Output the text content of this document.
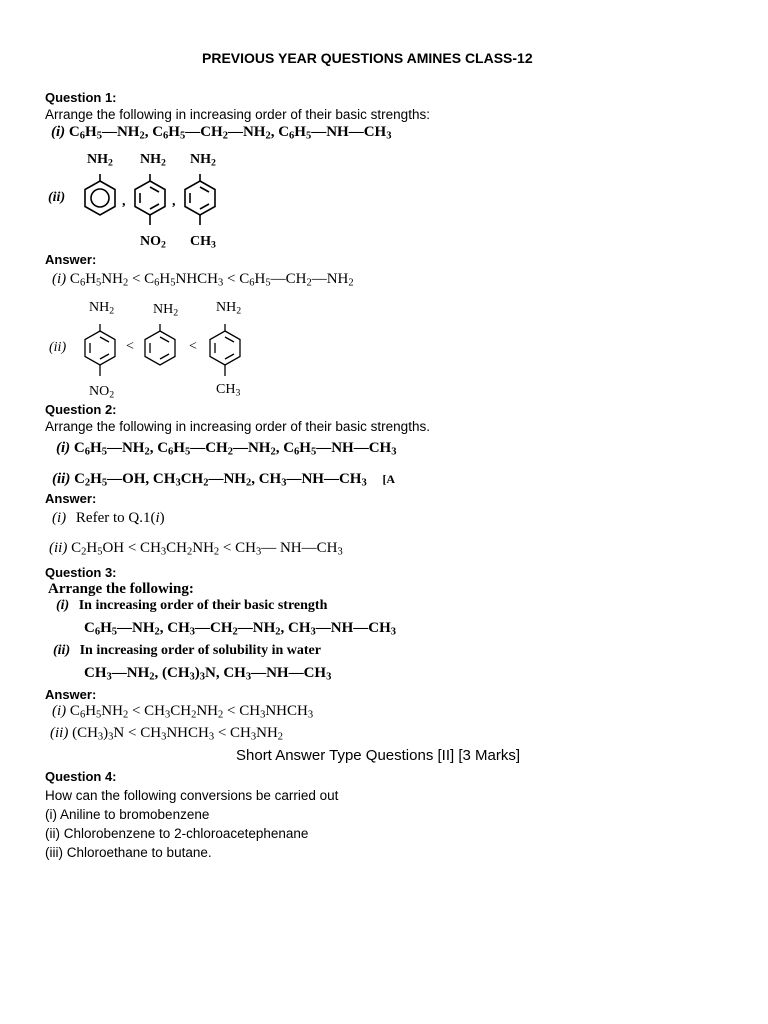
PREVIOUS YEAR QUESTIONS AMINES CLASS-12
Question 1:
Arrange the following in increasing order of their basic strengths:
(i) $C_6H_5—NH_2$, $C_6H_5—CH_2—NH_2$, $C_6H_5—NH—CH_3$
(ii)	,	,
$NH_2$ $NH_2$ $NH_2$
$NO_2$ $CH_3$
Answer:
(i) $C_6H_5NH_2$ < $C_6H_5NHCH_3$ < $C_6H_5—CH_2—NH_2$
(ii)	<	<
$NH_2$	$NH_2$	$NH_2$
$NO_2$	$CH_3$
Question 2:
Arrange the following in increasing order of their basic strengths.
(i) $C_6H_5—NH_2$, $C_6H_5—CH_2—NH_2$, $C_6H_5—NH—CH_3$
(ii) $C_2H_5—OH$, $CH_3CH_2—NH_2$, $CH_3—NH—CH_3$ [A
Answer:
(i) Refer to Q.1(i)
(ii) $C_2H_5OH < CH_3CH_2NH_2$ < $CH_3—$ $NH—CH_3$
Question 3:
Arrange the following:
(i) In increasing order of their basic strength
$C_6H_5—NH_2$, $CH_3—CH_2—NH_2$, $CH_3—NH—CH_3$
(ii) In increasing order of solubility in water
$CH_3—NH_2$, $(CH_3)_3N$, $CH_3—NH—CH_3$
Answer:
(i) $C_6H_5NH_2 < CH_3CH_2NH_2$ < $CH_3NHCH_3$
(ii) $(CH_3)_3N$ < $CH_3NHCH_3 < CH_3NH_2$
Short Answer Type Questions [II] [3 Marks]
Question 4:
How can the following conversions be carried out
(i) Aniline to bromobenzene
(ii) Chlorobenzene to 2-chloroacetephenane
(iii) Chloroethane to butane.
